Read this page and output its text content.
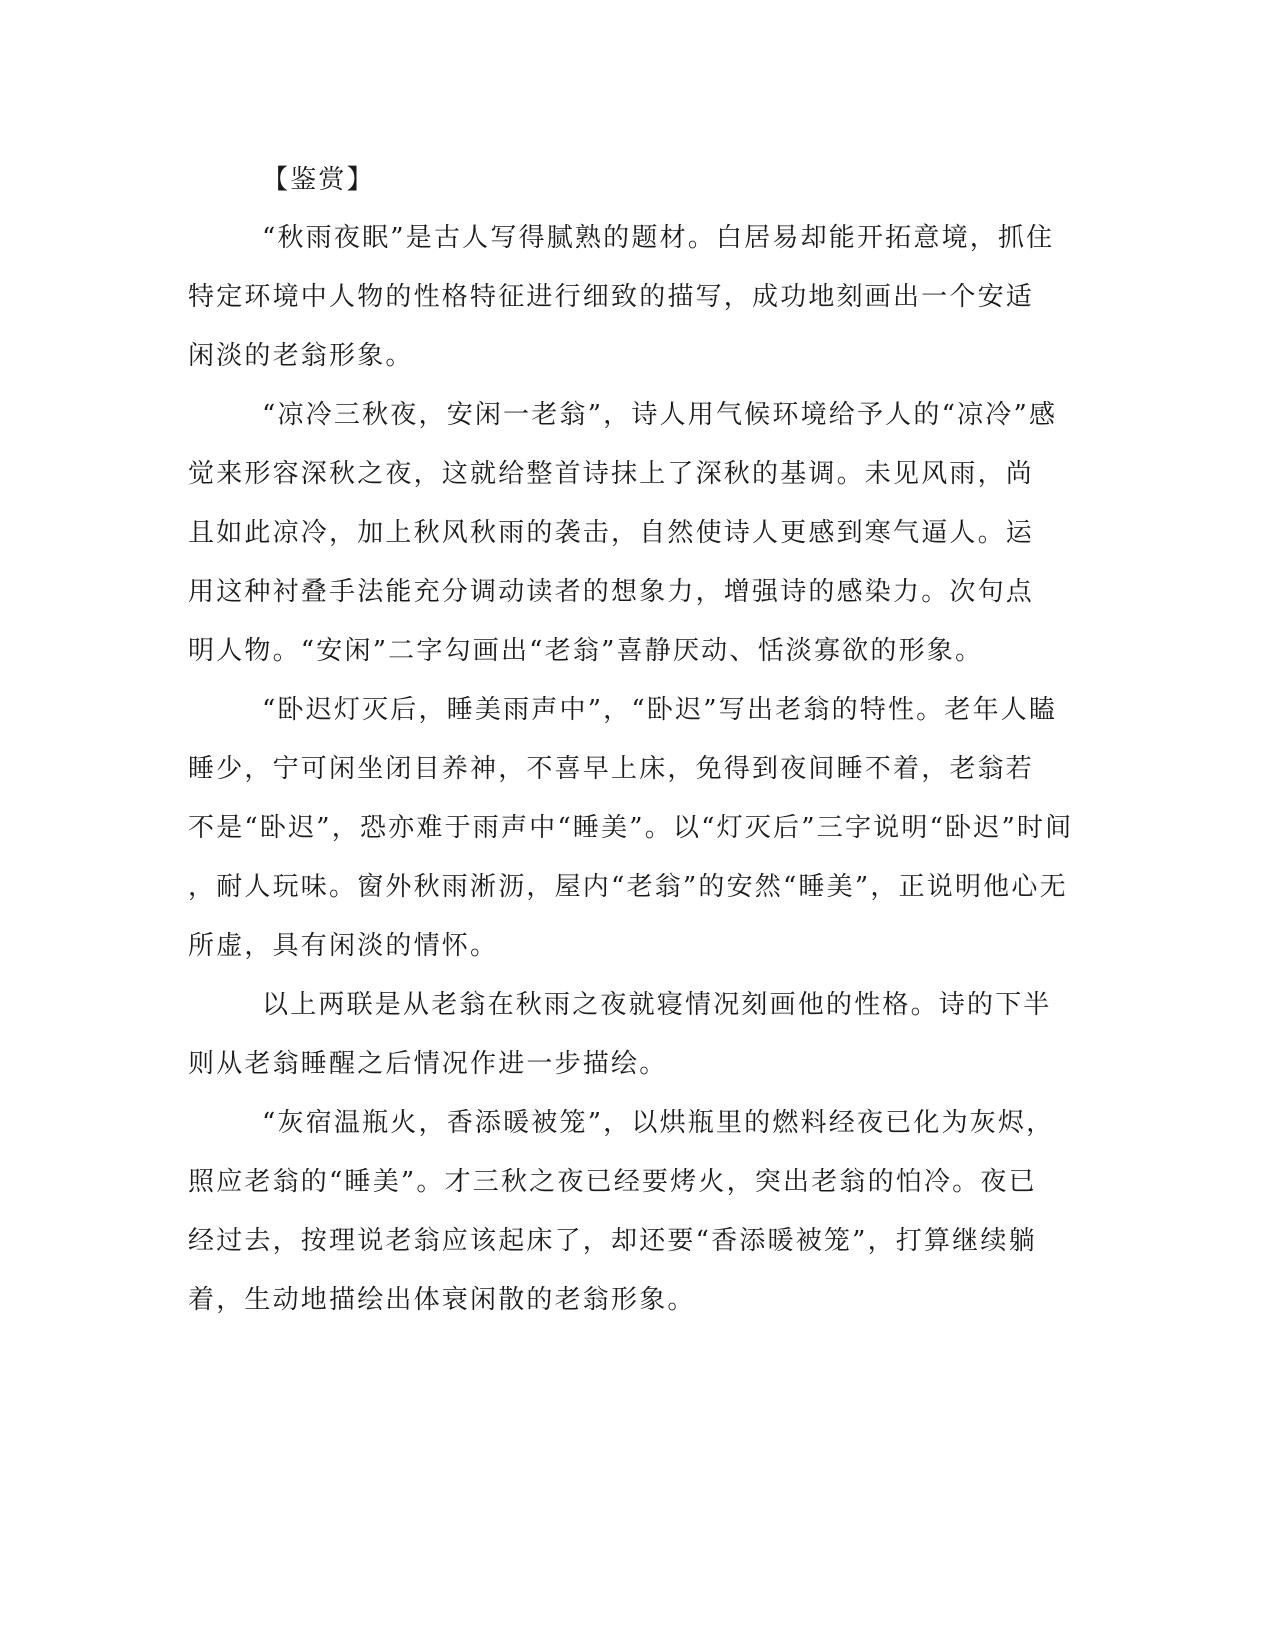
【鉴赏】
“秋雨夜眠”是古人写得腻熟的题材。白居易却能开拓意境，抓住
特定环境中人物的性格特征进行细致的描写，成功地刻画出一个安适
闲淡的老翁形象。
“凉冷三秋夜，安闲一老翁”，诗人用气候环境给予人的“凉冷”感
觉来形容深秋之夜，这就给整首诗抹上了深秋的基调。未见风雨，尚
且如此凉冷，加上秋风秋雨的袭击，自然使诗人更感到寒气逼人。运
用这种衬叠手法能充分调动读者的想象力，增强诗的感染力。次句点
明人物。“安闲”二字勾画出“老翁”喜静厌动、恬淡寡欲的形象。
“卧迟灯灭后，睡美雨声中”，“卧迟”写出老翁的特性。老年人瞌
睡少，宁可闲坐闭目养神，不喜早上床，免得到夜间睡不着，老翁若
不是“卧迟”，恐亦难于雨声中“睡美”。以“灯灭后”三字说明“卧迟”时间
，耐人玩味。窗外秋雨淅沥，屋内“老翁”的安然“睡美”，正说明他心无
所虚，具有闲淡的情怀。
以上两联是从老翁在秋雨之夜就寝情况刻画他的性格。诗的下半
则从老翁睡醒之后情况作进一步描绘。
“灰宿温瓶火，香添暖被笼”，以烘瓶里的燃料经夜已化为灰烬，
照应老翁的“睡美”。才三秋之夜已经要烤火，突出老翁的怕冷。夜已
经过去，按理说老翁应该起床了，却还要“香添暖被笼”，打算继续躺
着，生动地描绘出体衰闲散的老翁形象。
